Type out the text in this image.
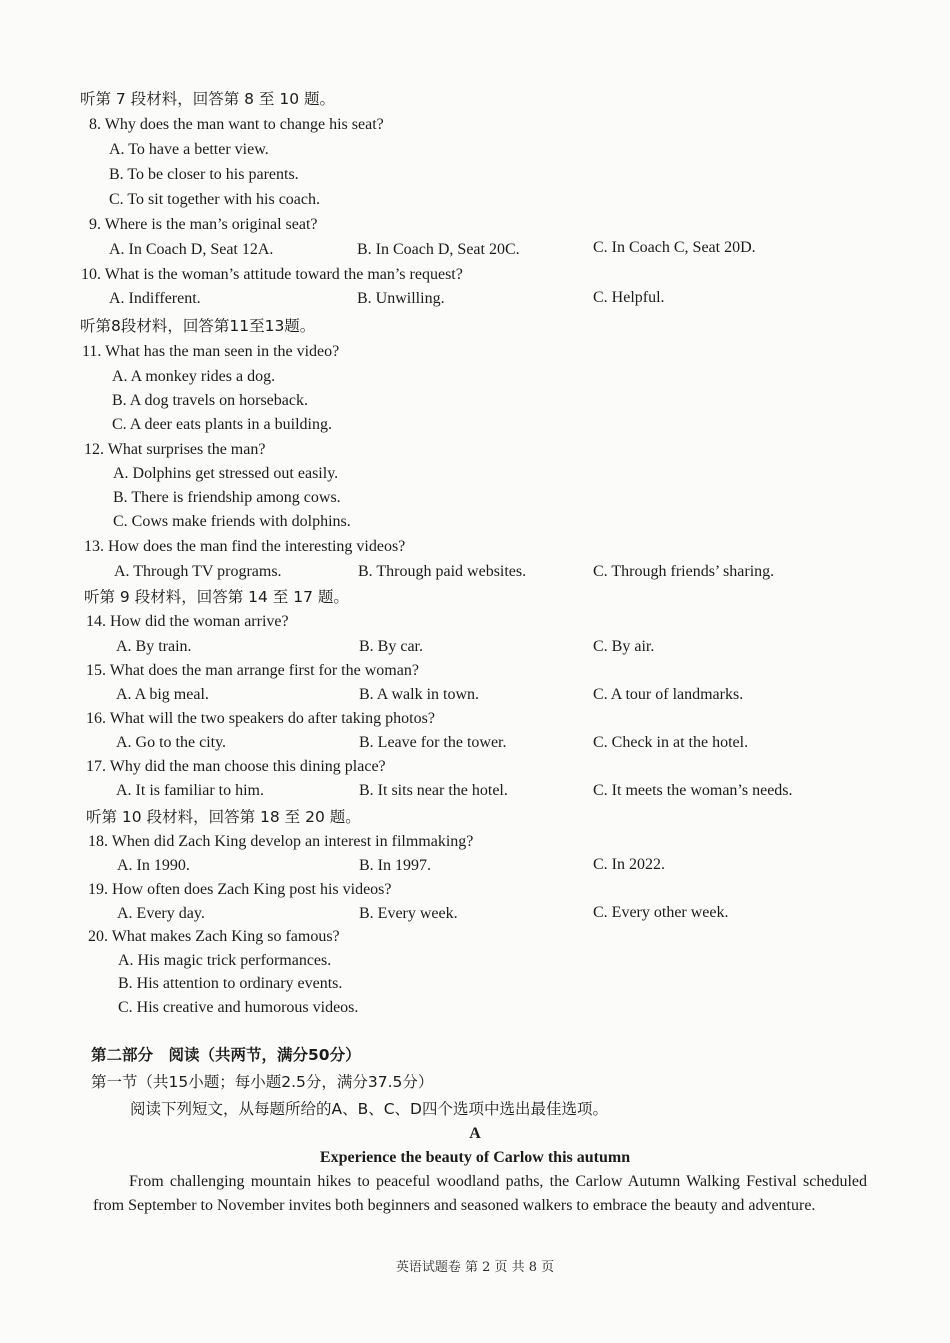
听第 7 段材料，回答第 8 至 10 题。
8. Why does the man want to change his seat?
A. To have a better view.
B. To be closer to his parents.
C. To sit together with his coach.
9. Where is the man’s original seat?
A. In Coach D, Seat 12A.	B. In Coach D, Seat 20C.	C. In Coach C, Seat 20D.
10. What is the woman’s attitude toward the man’s request?
A. Indifferent.	B. Unwilling.	C. Helpful.
听第8段材料，回答第11至13题。
11. What has the man seen in the video?
A. A monkey rides a dog.
B. A dog travels on horseback.
C. A deer eats plants in a building.
12. What surprises the man?
A. Dolphins get stressed out easily.
B. There is friendship among cows.
C. Cows make friends with dolphins.
13. How does the man find the interesting videos?
A. Through TV programs.	B. Through paid websites.	C. Through friends’ sharing.
听第 9 段材料，回答第 14 至 17 题。
14. How did the woman arrive?
A. By train.	B. By car.	C. By air.
15. What does the man arrange first for the woman?
A. A big meal.	B. A walk in town.	C. A tour of landmarks.
16. What will the two speakers do after taking photos?
A. Go to the city.	B. Leave for the tower.	C. Check in at the hotel.
17. Why did the man choose this dining place?
A. It is familiar to him.	B. It sits near the hotel.	C. It meets the woman’s needs.
听第 10 段材料，回答第 18 至 20 题。
18. When did Zach King develop an interest in filmmaking?
A. In 1990.	B. In 1997.	C. In 2022.
19. How often does Zach King post his videos?
A. Every day.	B. Every week.	C. Every other week.
20. What makes Zach King so famous?
A. His magic trick performances.
B. His attention to ordinary events.
C. His creative and humorous videos.
第二部分　阅读（共两节，满分50分）
第一节（共15小题；每小题2.5分，满分37.5分）
阅读下列短文，从每题所给的A、B、C、D四个选项中选出最佳选项。
A
Experience the beauty of Carlow this autumn
From challenging mountain hikes to peaceful woodland paths, the Carlow Autumn Walking Festival scheduled from September to November invites both beginners and seasoned walkers to embrace the beauty and adventure.
英语试题卷 第 2 页 共 8 页
